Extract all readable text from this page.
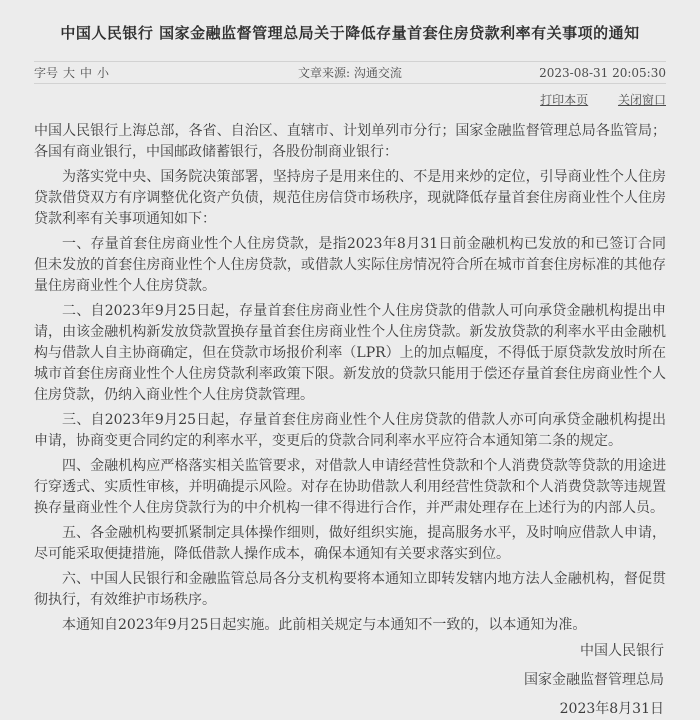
中国人民银行 国家金融监督管理总局关于降低存量首套住房贷款利率有关事项的通知
字号 大 中 小	文章来源: 沟通交流	2023-08-31 20:05:30
打印本页 关闭窗口

中国人民银行上海总部，各省、自治区、直辖市、计划单列市分行；国家金融监督管理总局各监管局；各国有商业银行，中国邮政储蓄银行，各股份制商业银行：

为落实党中央、国务院决策部署，坚持房子是用来住的、不是用来炒的定位，引导商业性个人住房贷款借贷双方有序调整优化资产负债，规范住房信贷市场秩序，现就降低存量首套住房商业性个人住房贷款利率有关事项通知如下：

一、存量首套住房商业性个人住房贷款，是指2023年8月31日前金融机构已发放的和已签订合同但未发放的首套住房商业性个人住房贷款，或借款人实际住房情况符合所在城市首套住房标准的其他存量住房商业性个人住房贷款。

二、自2023年9月25日起，存量首套住房商业性个人住房贷款的借款人可向承贷金融机构提出申请，由该金融机构新发放贷款置换存量首套住房商业性个人住房贷款。新发放贷款的利率水平由金融机构与借款人自主协商确定，但在贷款市场报价利率（LPR）上的加点幅度，不得低于原贷款发放时所在城市首套住房商业性个人住房贷款利率政策下限。新发放的贷款只能用于偿还存量首套住房商业性个人住房贷款，仍纳入商业性个人住房贷款管理。

三、自2023年9月25日起，存量首套住房商业性个人住房贷款的借款人亦可向承贷金融机构提出申请，协商变更合同约定的利率水平，变更后的贷款合同利率水平应符合本通知第二条的规定。

四、金融机构应严格落实相关监管要求，对借款人申请经营性贷款和个人消费贷款等贷款的用途进行穿透式、实质性审核，并明确提示风险。对存在协助借款人利用经营性贷款和个人消费贷款等违规置换存量商业性个人住房贷款行为的中介机构一律不得进行合作，并严肃处理存在上述行为的内部人员。

五、各金融机构要抓紧制定具体操作细则，做好组织实施，提高服务水平，及时响应借款人申请，尽可能采取便捷措施，降低借款人操作成本，确保本通知有关要求落实到位。

六、中国人民银行和金融监管总局各分支机构要将本通知立即转发辖内地方法人金融机构，督促贯彻执行，有效维护市场秩序。

本通知自2023年9月25日起实施。此前相关规定与本通知不一致的，以本通知为准。

中国人民银行
国家金融监督管理总局
2023年8月31日
